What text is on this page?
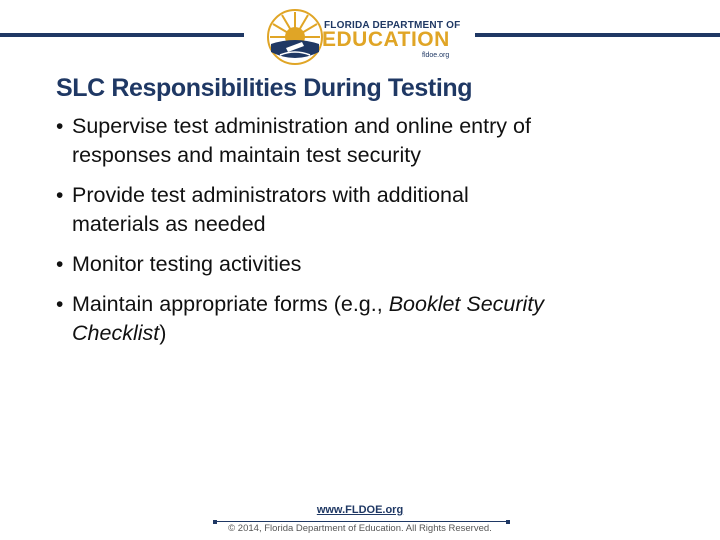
FLORIDA DEPARTMENT OF
EDUCATION
fldoe.org
SLC Responsibilities During Testing
• Supervise test administration and online entry of
responses and maintain test security
• Provide test administrators with additional
materials as needed
• Monitor testing activities
• Maintain appropriate forms (e.g., Booklet Security
Checklist)
www.FLDOE.org
© 2014, Florida Department of Education. All Rights Reserved.
